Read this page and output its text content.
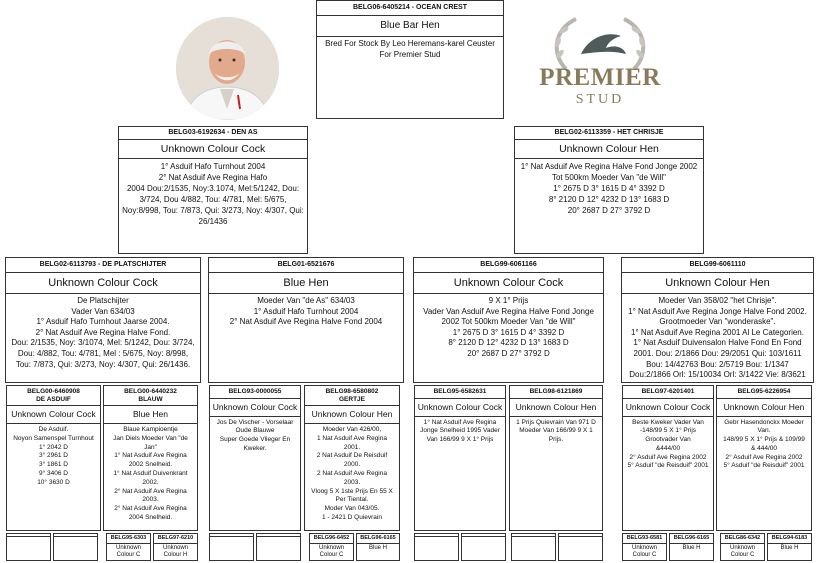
PREMIER
STUD
BELG06-6405214 - OCEAN CREST
Blue Bar Hen
Bred For Stock By Leo Heremans-karel Ceuster
For Premier Stud
BELG03-6192634 - DEN AS
Unknown Colour Cock
1° Asduif Hafo Turnhout 2004
2° Nat Asduif Ave Regina Hafo
2004 Dou:2/1535, Noy:3.1074, Mel:5/1242, Dou:
3/724, Dou 4/882, Tou: 4/781, Mel: 5/675,
Noy:8/998, Tou: 7/873, Qui: 3/273, Noy: 4/307, Qui:
26/1436
BELG02-6113359 - HET CHRISJE
Unknown Colour Hen
1° Nat Asduif Ave Regina Halve Fond Jonge 2002
Tot 500km Moeder Van "de Will"
1° 2675 D 3° 1615 D 4° 3392 D
8° 2120 D 12° 4232 D 13° 1683 D
20° 2687 D 27° 3792 D
BELG02-6113793 - DE PLATSCHIJTER
Unknown Colour Cock
De Platschijter
Vader Van 634/03
1° Asduif Hafo Turnhout Jaarse 2004.
2° Nat Asduif Ave Regina Halve Fond.
Dou: 2/1535, Noy: 3/1074, Mel: 5/1242, Dou: 3/724,
Dou: 4/882, Tou: 4/781, Mel : 5/675, Noy: 8/998,
Tou: 7/873, Qui: 3/273, Noy: 4/307, Qui: 26/1436.
BELG01-6521676
Blue Hen
Moeder Van "de As" 634/03
1° Asduif Hafo Turnhout 2004
2° Nat Asduif Ave Regina Halve Fond 2004
BELG99-6061166
Unknown Colour Cock
9 X 1° Prijs
Vader Van Asduif Ave Regina Halve Fond Jonge
2002 Tot 500km Moeder Van "de Will"
1° 2675 D 3° 1615 D 4° 3392 D
8° 2120 D 12° 4232 D 13° 1683 D
20° 2687 D 27° 3792 D
BELG99-6061110
Unknown Colour Hen
Moeder Van 358/02 "het Chrisje".
1° Nat Asduif Ave Regina Jonge Halve Fond 2002.
Grootmoeder Van "wonderaske".
1° Nat Asduif Ave Regina 2001 Al Le Categorien.
1° Nat Asduif Duivensalon Halve Fond En Fond
2001. Dou: 2/1866 Dou: 29/2051 Qui: 103/1611
Bou: 14/42763 Bou: 2/5719 Bou: 1/1347
Dou:2/1866 Orl: 15/10034 Orl: 3/1422 Vie: 8/3621
BELG00-6460908
DE ASDUIF
Unknown Colour Cock
De Asduif.
Noyon Samenspel Turnhout
1° 2042 D
3° 2961 D
3° 1861 D
9° 3406 D
10° 3630 D
BELG00-6440232
BLAUW
Blue Hen
Blaue Kampioentje
Jan Diels Moeder Van "de
Jan"
1° Nat Asduif Ave Regina
2002 Snelheid.
1° Nat Asduif Duivenkrant
2002.
2° Nat Asduif Ave Regina
2003.
2° Nat Asduif Ave Regina
2004 Snelheid.
BELG93-0000055
Unknown Colour Cock
Jos De Vischer - Vorselaar
Oude Blauwe
Super Goede Vlieger En
Kweker.
BELG98-6580802
GERTJE
Unknown Colour Hen
Moeder Van 426/00,
1 Nat Asduif Ave Regina
2001.
2 Nat Asduif De Reisduif
2000.
2 Nat Asduif Ave Regina
2003.
Vloog 5 X 1ste Prijs En 55 X
Per Tiental.
Moder Van 043/05.
1 - 2421 D Quievrain
BELG95-6582631
Unknown Colour Cock
1° Nat Asduif Ave Regina
Jonge Snelheid 1995 Vader
Van 166/99 9 X 1° Prijs
BELG98-6121869
Unknown Colour Hen
1 Prijs Quievrain Van 971 D
Moeder Van 166/99 9 X 1
Prijs.
BELG97-6201401
Unknown Colour Cock
Beste Kweker Vader Van
-148/99 5 X 1° Prijs
Grootvader Van
&444/00
2° Asduif Ave Regina 2002
5° Asduif "de Reisduif" 2001
BELG95-6226954
Unknown Colour Hen
Gebr Hasendonckx Moeder
Van.
148/99 5 X 1° Prijs & 109/99
& 444/00
2° Asduif Ave Regina 2002
5° Asduif "de Reisduif" 2001
BELG95-6303
Unknown Colour C
BELG97-6210
Unknown Colour H
BELG96-6452
Unknown Colour C
BELG96-6165
Blue H
BELG93-6581
Unknown Colour C
BELG96-6165
Blue H
BELG86-6342
Unknown Colour C
BELG94-6183
Blue H
